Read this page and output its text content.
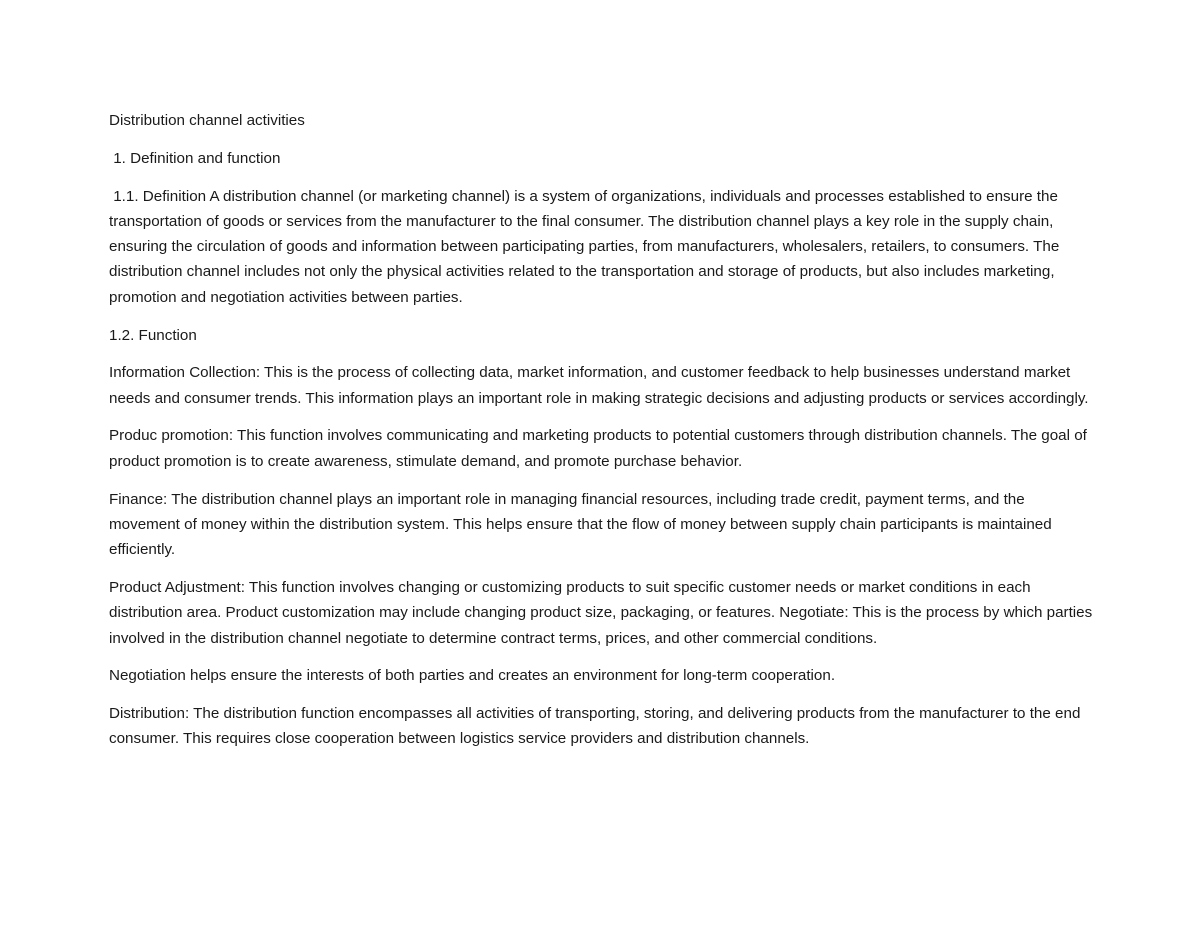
Distribution channel activities

1. Definition and function

1.1. Definition A distribution channel (or marketing channel) is a system of organizations, individuals and processes established to ensure the transportation of goods or services from the manufacturer to the final consumer. The distribution channel plays a key role in the supply chain, ensuring the circulation of goods and information between participating parties, from manufacturers, wholesalers, retailers, to consumers. The distribution channel includes not only the physical activities related to the transportation and storage of products, but also includes marketing, promotion and negotiation activities between parties.

1.2. Function

Information Collection: This is the process of collecting data, market information, and customer feedback to help businesses understand market needs and consumer trends. This information plays an important role in making strategic decisions and adjusting products or services accordingly.

Produc promotion: This function involves communicating and marketing products to potential customers through distribution channels. The goal of product promotion is to create awareness, stimulate demand, and promote purchase behavior.

Finance: The distribution channel plays an important role in managing financial resources, including trade credit, payment terms, and the movement of money within the distribution system. This helps ensure that the flow of money between supply chain participants is maintained efficiently.

Product Adjustment: This function involves changing or customizing products to suit specific customer needs or market conditions in each distribution area. Product customization may include changing product size, packaging, or features. Negotiate: This is the process by which parties involved in the distribution channel negotiate to determine contract terms, prices, and other commercial conditions.

Negotiation helps ensure the interests of both parties and creates an environment for long-term cooperation.

Distribution: The distribution function encompasses all activities of transporting, storing, and delivering products from the manufacturer to the end consumer. This requires close cooperation between logistics service providers and distribution channels.
